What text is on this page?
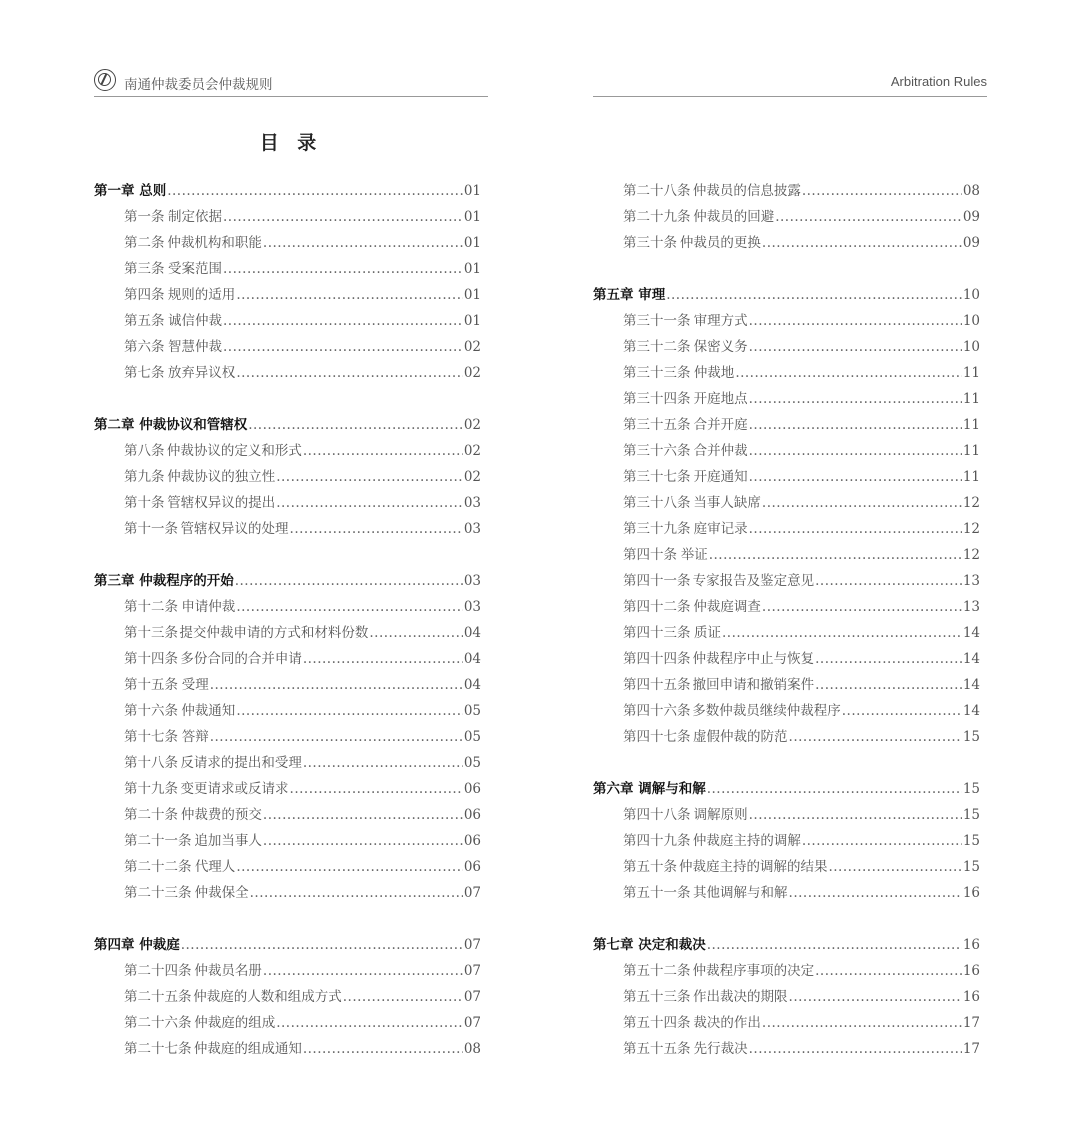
南通仲裁委员会仲裁规则	Arbitration Rules
目 录
第一章 总则 .....	01
第一条 制定依据 .....	01
第二条 仲裁机构和职能 .....	01
第三条 受案范围 .....	01
第四条 规则的适用 .....	01
第五条 诚信仲裁 .....	01
第六条 智慧仲裁 .....	02
第七条 放弃异议权 .....	02
第二章 仲裁协议和管辖权 .....	02
第八条 仲裁协议的定义和形式 .....	02
第九条 仲裁协议的独立性 .....	02
第十条 管辖权异议的提出 .....	03
第十一条 管辖权异议的处理 .....	03
第三章 仲裁程序的开始 .....	03
第十二条 申请仲裁 .....	03
第十三条 提交仲裁申请的方式和材料份数 .....	04
第十四条 多份合同的合并申请 .....	04
第十五条 受理 .....	04
第十六条 仲裁通知 .....	05
第十七条 答辩 .....	05
第十八条 反请求的提出和受理 .....	05
第十九条 变更请求或反请求 .....	06
第二十条 仲裁费的预交 .....	06
第二十一条 追加当事人 .....	06
第二十二条 代理人 .....	06
第二十三条 仲裁保全 .....	07
第四章 仲裁庭 .....	07
第二十四条 仲裁员名册 .....	07
第二十五条 仲裁庭的人数和组成方式 .....	07
第二十六条 仲裁庭的组成 .....	07
第二十七条 仲裁庭的组成通知 .....	08
第二十八条 仲裁员的信息披露 .....	08
第二十九条 仲裁员的回避 .....	09
第三十条 仲裁员的更换 .....	09
第五章 审理 .....	10
第三十一条 审理方式 .....	10
第三十二条 保密义务 .....	10
第三十三条 仲裁地 .....	11
第三十四条 开庭地点 .....	11
第三十五条 合并开庭 .....	11
第三十六条 合并仲裁 .....	11
第三十七条 开庭通知 .....	11
第三十八条 当事人缺席 .....	12
第三十九条 庭审记录 .....	12
第四十条 举证 .....	12
第四十一条 专家报告及鉴定意见 .....	13
第四十二条 仲裁庭调查 .....	13
第四十三条 质证 .....	14
第四十四条 仲裁程序中止与恢复 .....	14
第四十五条 撤回申请和撤销案件 .....	14
第四十六条 多数仲裁员继续仲裁程序 .....	14
第四十七条 虚假仲裁的防范 .....	15
第六章 调解与和解 .....	15
第四十八条 调解原则 .....	15
第四十九条 仲裁庭主持的调解 .....	15
第五十条 仲裁庭主持的调解的结果 .....	15
第五十一条 其他调解与和解 .....	16
第七章 决定和裁决 .....	16
第五十二条 仲裁程序事项的决定 .....	16
第五十三条 作出裁决的期限 .....	16
第五十四条 裁决的作出 .....	17
第五十五条 先行裁决 .....	17
